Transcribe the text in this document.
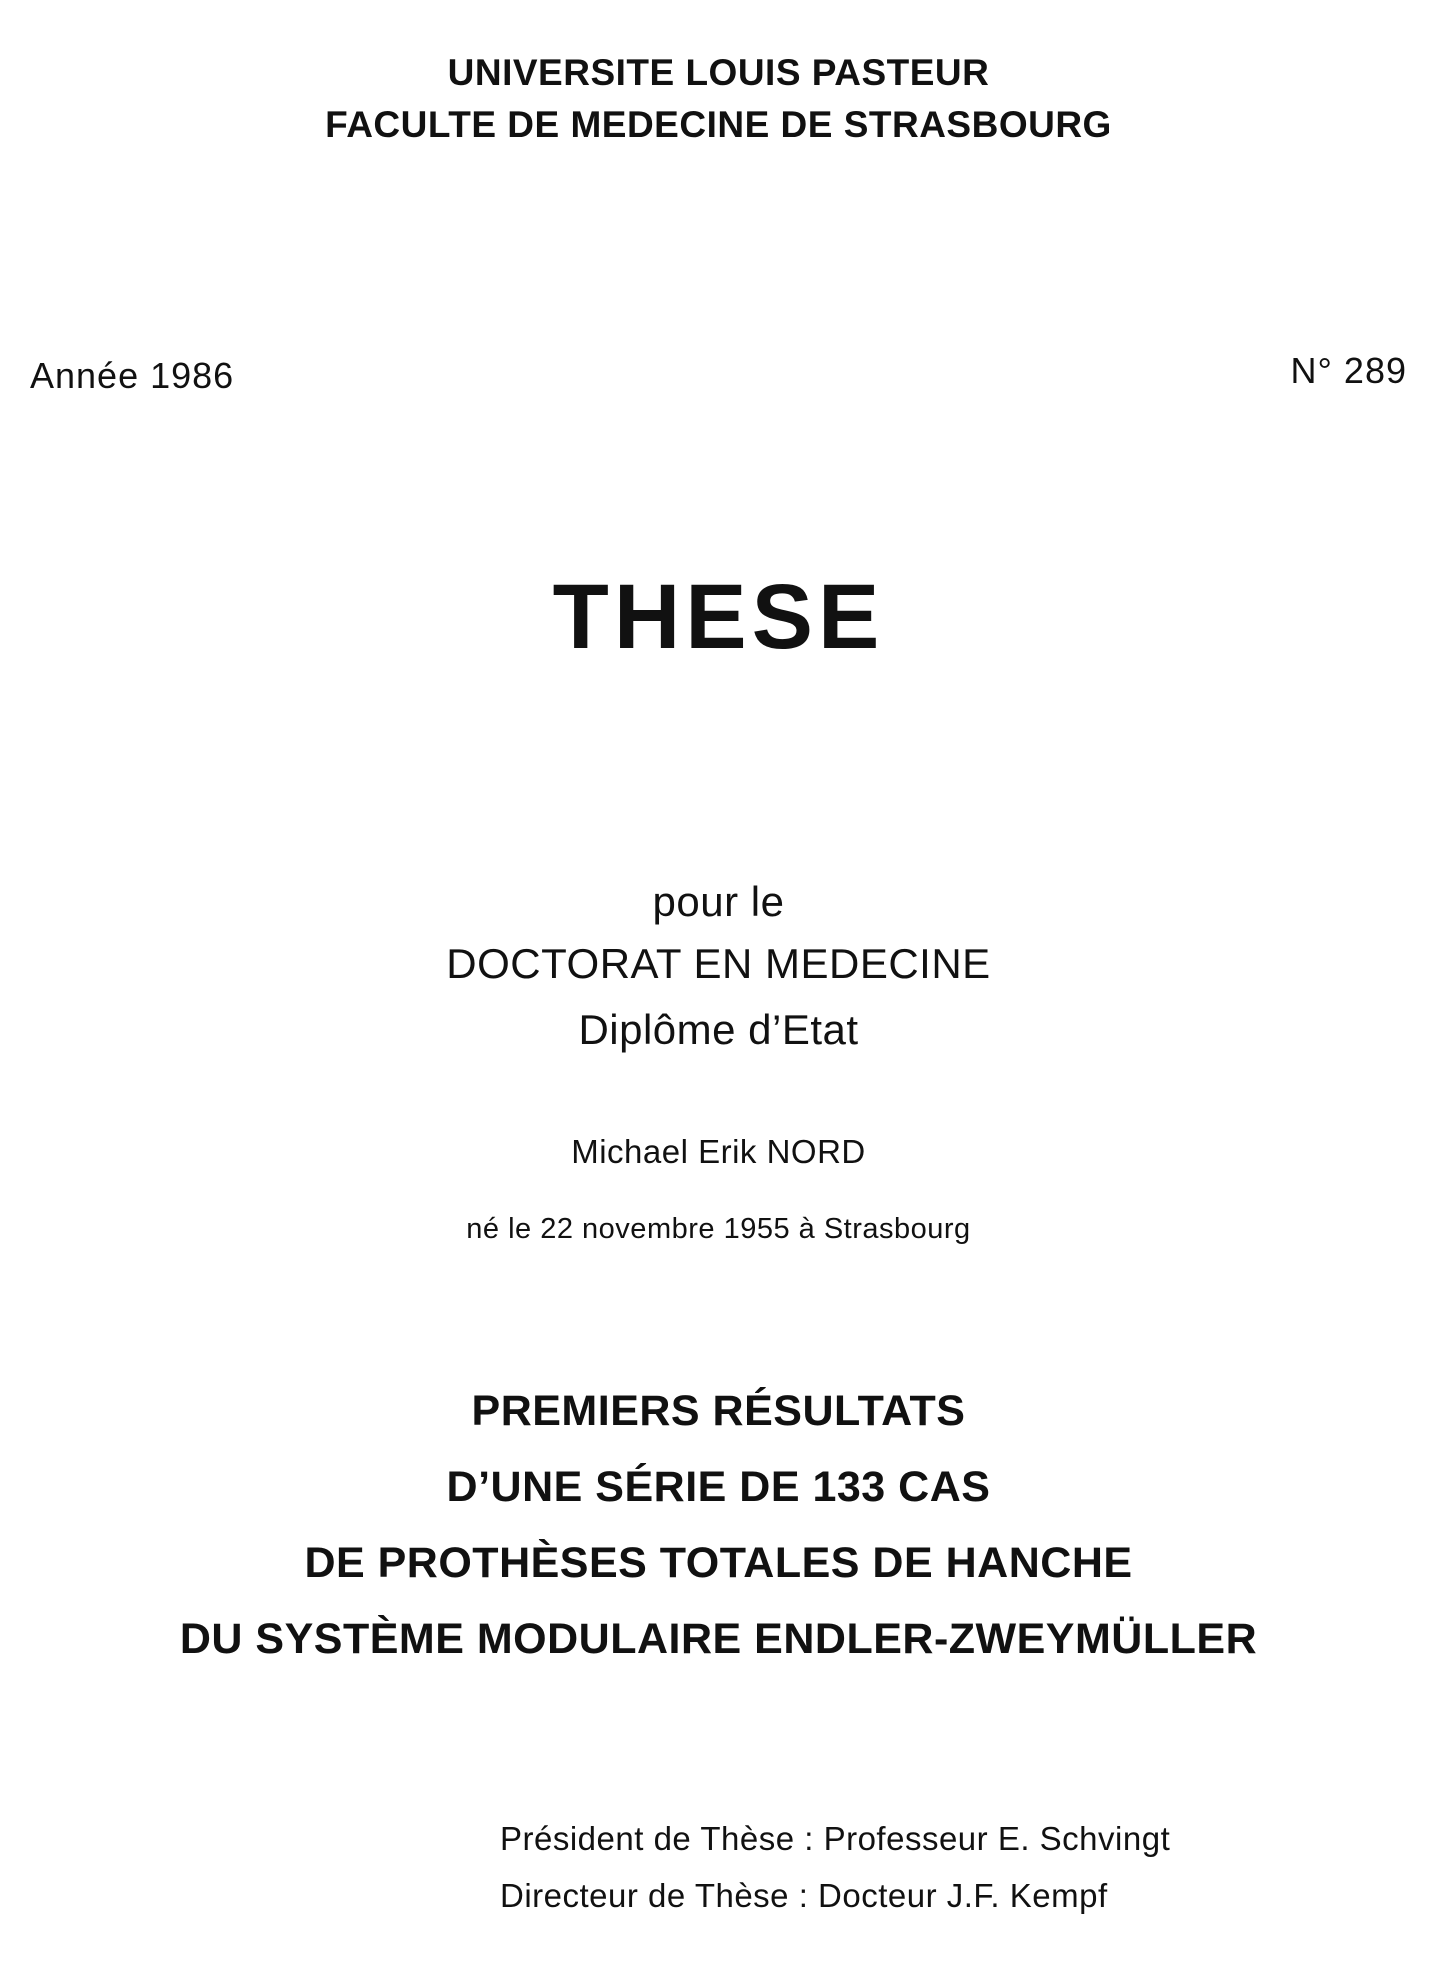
UNIVERSITE LOUIS PASTEUR
FACULTE DE MEDECINE DE STRASBOURG
Année 1986	N° 289
THESE
pour le
DOCTORAT EN MEDECINE
Diplôme d’Etat
Michael Erik NORD
né le 22 novembre 1955 à Strasbourg
PREMIERS RÉSULTATS
D’UNE SÉRIE DE 133 CAS
DE PROTHÈSES TOTALES DE HANCHE
DU SYSTÈME MODULAIRE ENDLER-ZWEYMÜLLER
Président de Thèse : Professeur E. Schvingt
Directeur de Thèse : Docteur J.F. Kempf
